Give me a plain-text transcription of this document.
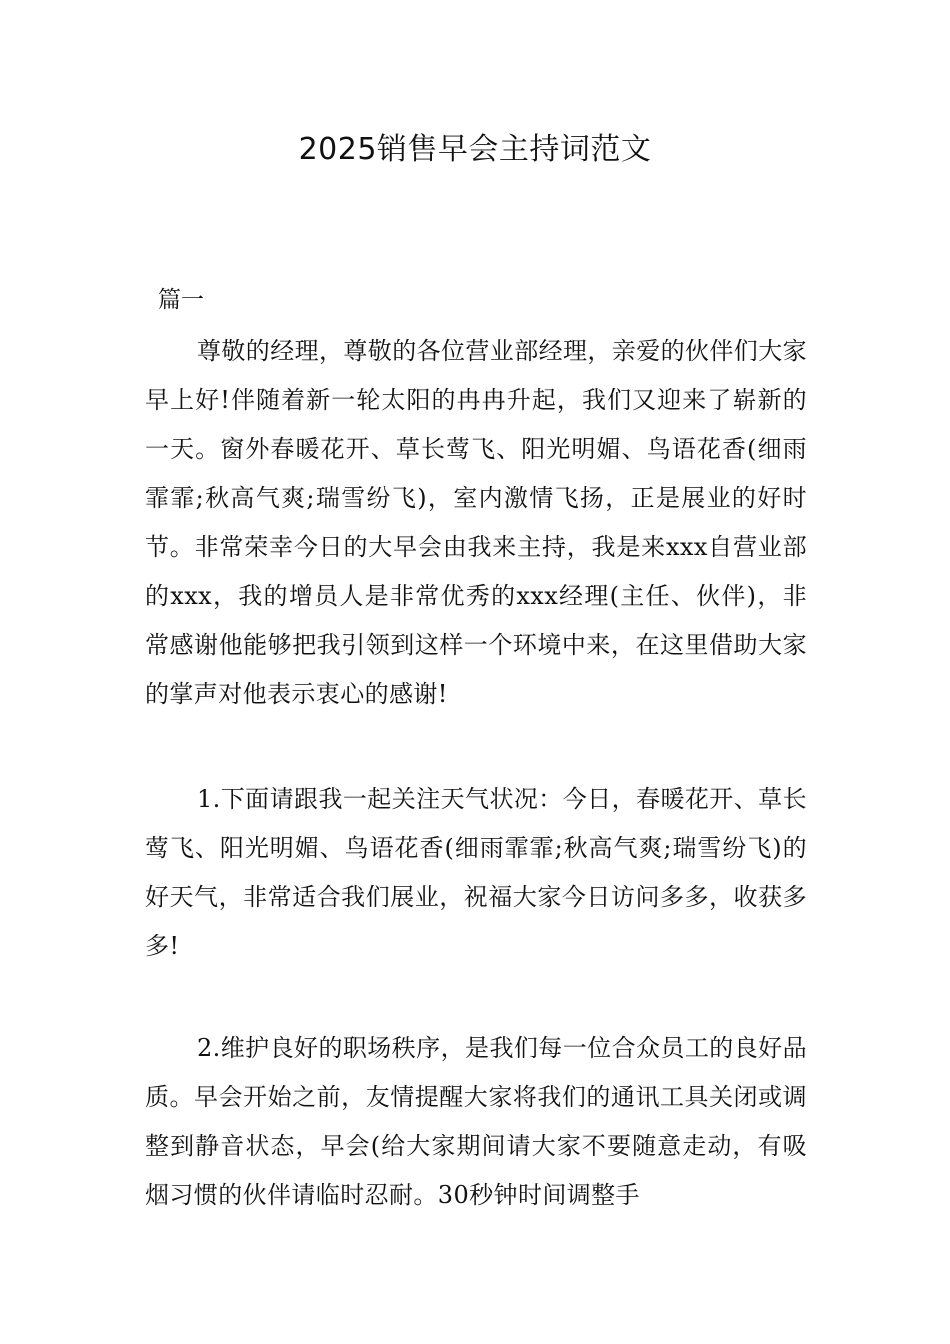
2025销售早会主持词范文
篇一

尊敬的经理，尊敬的各位营业部经理，亲爱的伙伴们大家早上好!伴随着新一轮太阳的冉冉升起，我们又迎来了崭新的一天。窗外春暖花开、草长莺飞、阳光明媚、鸟语花香(细雨霏霏;秋高气爽;瑞雪纷飞)，室内激情飞扬，正是展业的好时节。非常荣幸今日的大早会由我来主持，我是来xxx自营业部的xxx，我的增员人是非常优秀的xxx经理(主任、伙伴)，非常感谢他能够把我引领到这样一个环境中来，在这里借助大家的掌声对他表示衷心的感谢!

1.下面请跟我一起关注天气状况：今日，春暖花开、草长莺飞、阳光明媚、鸟语花香(细雨霏霏;秋高气爽;瑞雪纷飞)的好天气，非常适合我们展业，祝福大家今日访问多多，收获多多!

2.维护良好的职场秩序，是我们每一位合众员工的良好品质。早会开始之前，友情提醒大家将我们的通讯工具关闭或调整到静音状态，早会(给大家期间请大家不要随意走动，有吸烟习惯的伙伴请临时忍耐。30秒钟时间调整手
